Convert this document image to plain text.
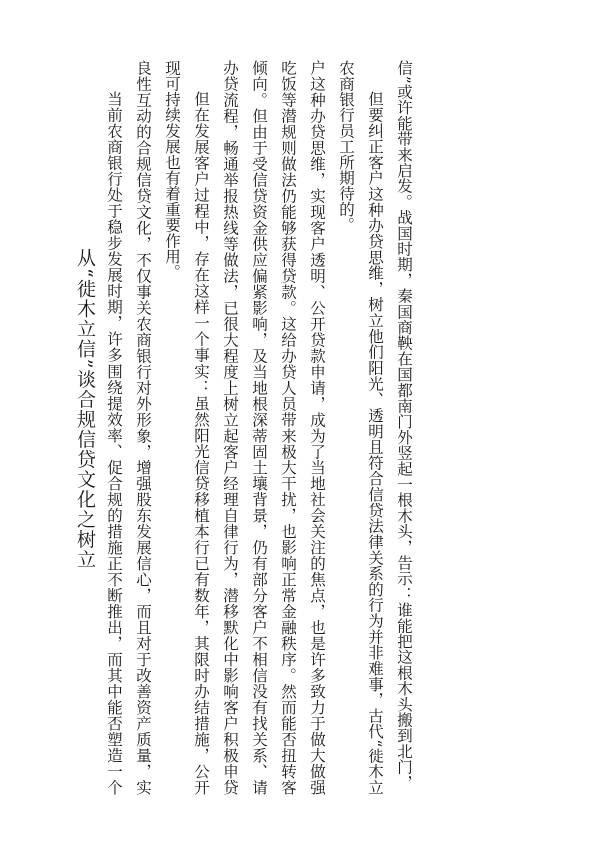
从“徙木立信”谈合规信贷文化之树立 当前农商银行处于稳步发展时期，许多围绕提效率、促合规的措施正不断推出，而其中能否塑造一个良性互动的合规信贷文化，不仅事关农商银行对外形象，增强股东发展信心，而且对于改善资产质量，实现可持续发展也有着重要作用。 但在发展客户过程中，存在这样一个事实：虽然阳光信贷移植本行已有数年，其限时办结措施，公开办贷流程，畅通举报热线等做法，已很大程度上树立起客户经理自律行为，潜移默化中影响客户积极申贷倾向。但由于受信贷资金供应偏紧影响，及当地根深蒂固土壤背景，仍有部分客户不相信没有找关系、请吃饭等潜规则做法仍能够获得贷款。这给办贷人员带来极大干扰，也影响正常金融秩序。然而能否扭转客户这种办贷思维，实现客户透明、公开贷款申请，成为了当地社会关注的焦点，也是许多致力于做大做强农商银行员工所期待的。 但要纠正客户这种办贷思维，树立他们阳光、透明且符合信贷法律关系的行为并非难事，古代“徙木立信”或许能带来启发。战国时期，秦国商鞅在国都南门外竖起一根木头，告示：谁能把这根木头搬到北门，
